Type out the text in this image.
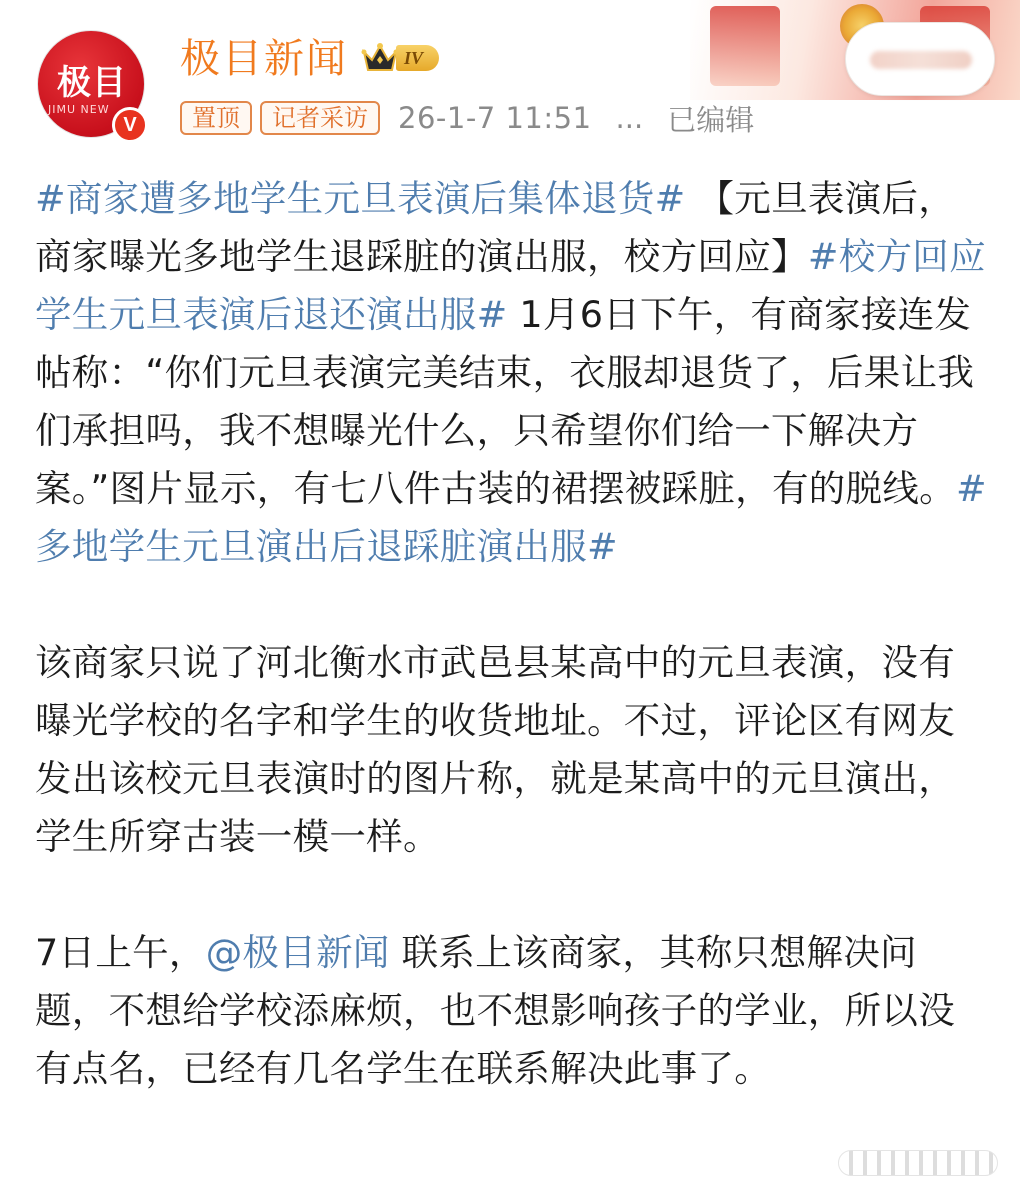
极目
JIMU NEW
V
极目新闻	IV
置顶	记者采访	26-1-7 11:51 ... 已编辑
#商家遭多地学生元旦表演后集体退货# 【元旦表演后，商家曝光多地学生退踩脏的演出服，校方回应】#校方回应学生元旦表演后退还演出服# 1月6日下午，有商家接连发帖称：“你们元旦表演完美结束，衣服却退货了，后果让我们承担吗，我不想曝光什么，只希望你们给一下解决方案。”图片显示，有七八件古装的裙摆被踩脏，有的脱线。#多地学生元旦演出后退踩脏演出服#
该商家只说了河北衡水市武邑县某高中的元旦表演，没有曝光学校的名字和学生的收货地址。不过，评论区有网友发出该校元旦表演时的图片称，就是某高中的元旦演出，学生所穿古装一模一样。
7日上午，@极目新闻 联系上该商家，其称只想解决问题，不想给学校添麻烦，也不想影响孩子的学业，所以没有点名，已经有几名学生在联系解决此事了。
